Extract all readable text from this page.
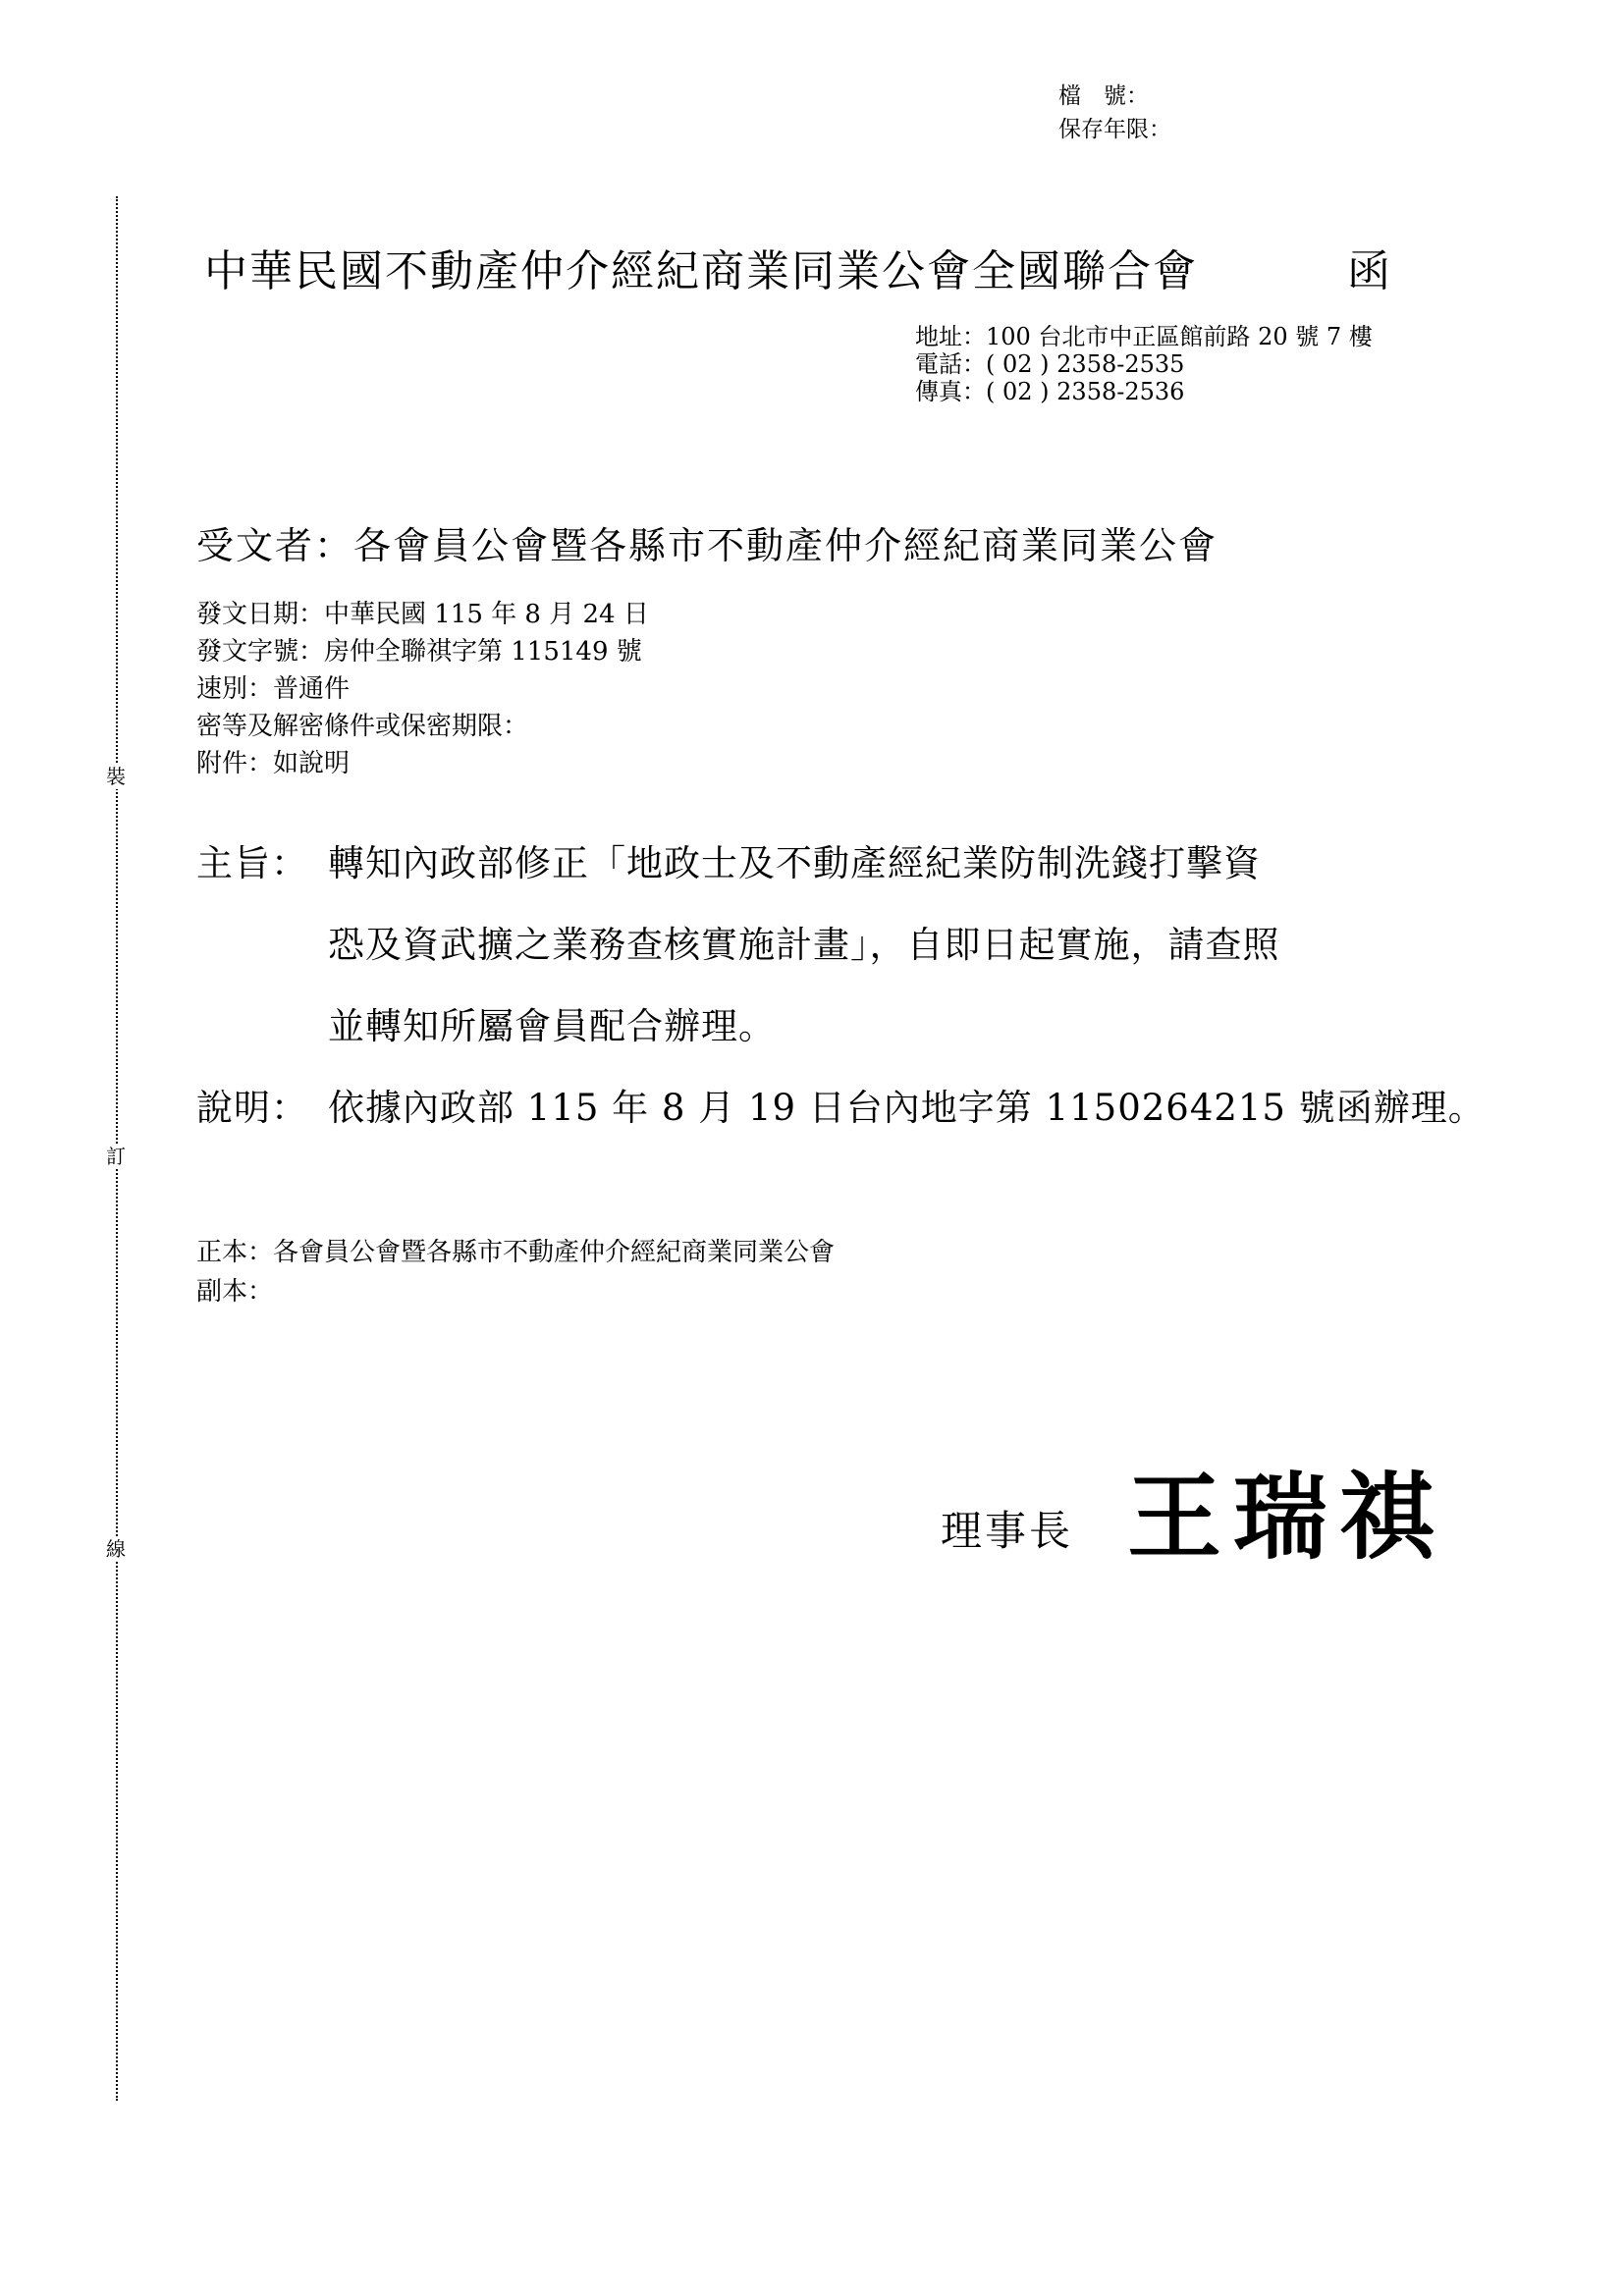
檔　號：
保存年限：
裝
訂
線
中華民國不動產仲介經紀商業同業公會全國聯合會	函
地址：100 台北市中正區館前路 20 號 7 樓
電話：( 02 ) 2358-2535
傳真：( 02 ) 2358-2536
受文者：各會員公會暨各縣市不動產仲介經紀商業同業公會
發文日期：中華民國 115 年 8 月 24 日
發文字號：房仲全聯祺字第 115149 號
速別：普通件
密等及解密條件或保密期限：
附件：如說明
主旨： 轉知內政部修正「地政士及不動產經紀業防制洗錢打擊資
恐及資武擴之業務查核實施計畫」，自即日起實施，請查照
並轉知所屬會員配合辦理。
說明： 依據內政部 115 年 8 月 19 日台內地字第 1150264215 號函辦理。
正本：各會員公會暨各縣市不動產仲介經紀商業同業公會
副本：
理事長 王瑞祺
